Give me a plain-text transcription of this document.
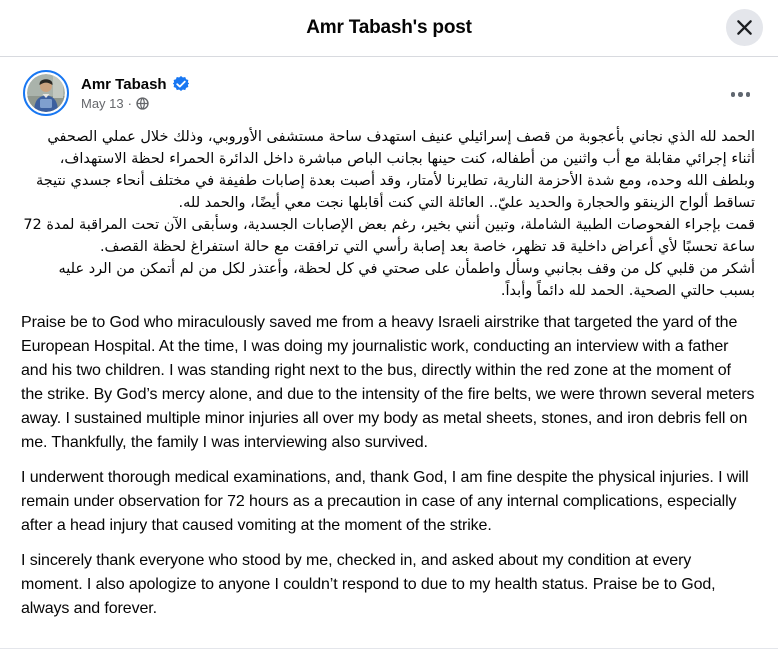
Amr Tabash's post
Amr Tabash
May 13 ·

الحمد لله الذي نجاني بأعجوبة من قصف إسرائيلي عنيف استهدف ساحة مستشفى الأوروبي، وذلك خلال عملي الصحفي أثناء إجرائي مقابلة مع أب واثنين من أطفاله، كنت حينها بجانب الباص مباشرة داخل الدائرة الحمراء لحظة الاستهداف، وبلطف الله وحده، ومع شدة الأحزمة النارية، تطايرنا لأمتار، وقد أصبت بعدة إصابات طفيفة في مختلف أنحاء جسدي نتيجة تساقط ألواح الزينقو والحجارة والحديد عليّ.. العائلة التي كنت أقابلها نجت معي أيضًا، والحمد لله.

قمت بإجراء الفحوصات الطبية الشاملة، وتبين أنني بخير، رغم بعض الإصابات الجسدية، وسأبقى الآن تحت المراقبة لمدة 72 ساعة تحسبًا لأي أعراض داخلية قد تظهر، خاصة بعد إصابة رأسي التي ترافقت مع حالة استفراغ لحظة القصف.

أشكر من قلبي كل من وقف بجانبي وسأل واطمأن على صحتي في كل لحظة، وأعتذر لكل من لم أتمكن من الرد عليه بسبب حالتي الصحية. الحمد لله دائماً وأبداً.

Praise be to God who miraculously saved me from a heavy Israeli airstrike that targeted the yard of the European Hospital. At the time, I was doing my journalistic work, conducting an interview with a father and his two children. I was standing right next to the bus, directly within the red zone at the moment of the strike. By God’s mercy alone, and due to the intensity of the fire belts, we were thrown several meters away. I sustained multiple minor injuries all over my body as metal sheets, stones, and iron debris fell on me. Thankfully, the family I was interviewing also survived.

I underwent thorough medical examinations, and, thank God, I am fine despite the physical injuries. I will remain under observation for 72 hours as a precaution in case of any internal complications, especially after a head injury that caused vomiting at the moment of the strike.

I sincerely thank everyone who stood by me, checked in, and asked about my condition at every moment. I also apologize to anyone I couldn’t respond to due to my health status. Praise be to God, always and forever.
